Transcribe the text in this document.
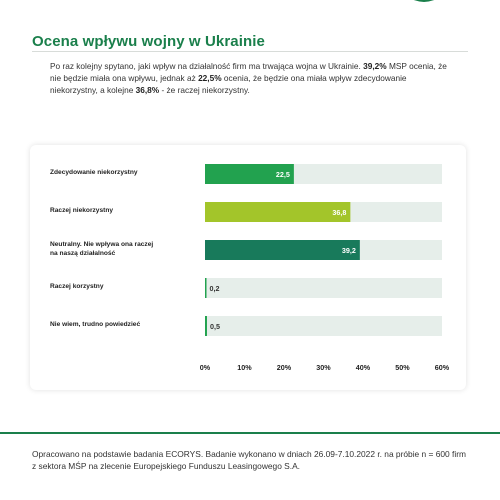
Ocena wpływu wojny w Ukrainie

Po raz kolejny spytano, jaki wpływ na działalność firm ma trwająca wojna w Ukrainie. 39,2% MSP ocenia, że nie będzie miała ona wpływu, jednak aż 22,5% ocenia, że będzie ona miała wpływ zdecydowanie niekorzystny, a kolejne 36,8% - że raczej niekorzystny.

Zdecydowanie niekorzystny	22,5
Raczej niekorzystny	36,8
Neutralny. Nie wpływa ona raczej na naszą działalność	39,2
Raczej korzystny	0,2
Nie wiem, trudno powiedzieć	0,5
0%	10%	20%	30%	40%	50%	60%

Opracowano na podstawie badania ECORYS. Badanie wykonano w dniach 26.09-7.10.2022 r. na próbie n = 600 firm z sektora MŚP na zlecenie Europejskiego Funduszu Leasingowego S.A.
